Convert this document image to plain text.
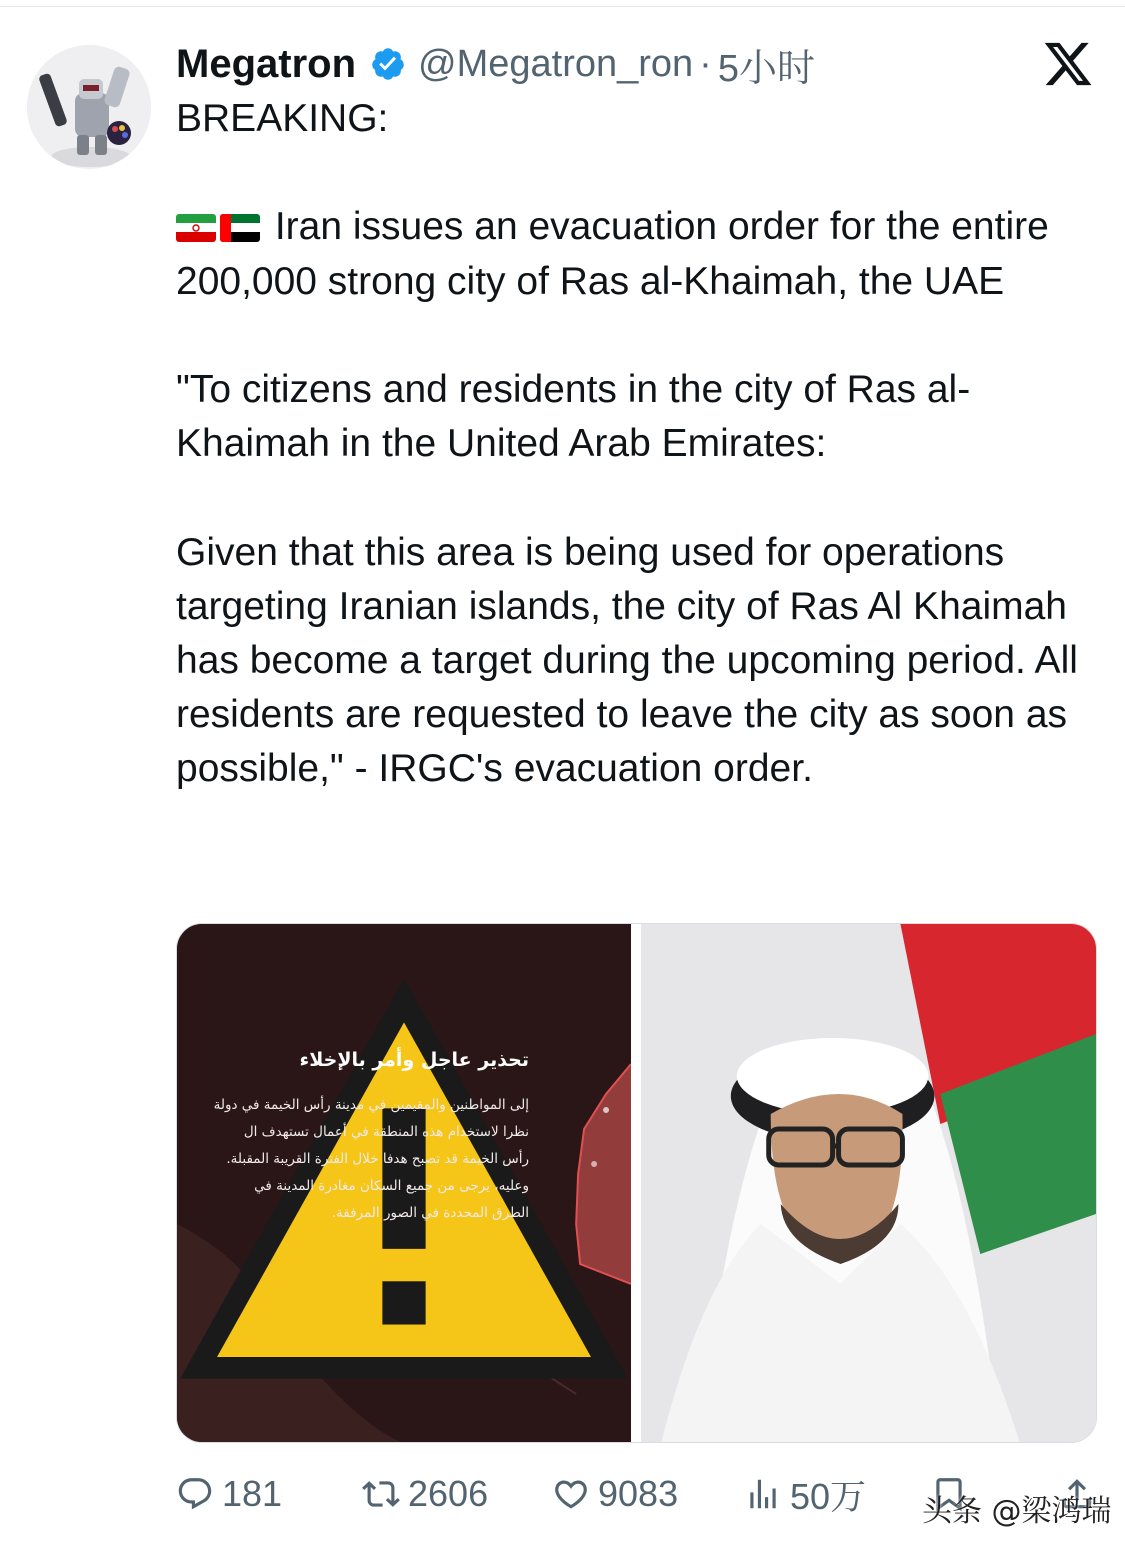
Megatron @Megatron_ron · 5小时

BREAKING:

Iran issues an evacuation order for the entire 200,000 strong city of Ras al-Khaimah, the UAE

"To citizens and residents in the city of Ras al-Khaimah in the United Arab Emirates:

Given that this area is being used for operations targeting Iranian islands, the city of Ras Al Khaimah has become a target during the upcoming period. All residents are requested to leave the city as soon as possible," - IRGC's evacuation order.

تحذير عاجل وأمر بالإخلاء
إلى المواطنين والمقيمين في مدينة رأس الخيمة في دولة
نظرا لاستخدام هذه المنطقة في أعمال تستهدف ال
رأس الخيمة قد تصبح هدفا خلال الفترة القريبة المقبلة.
وعليه، يرجى من جميع السكان مغادرة المدينة في
الطرق المحددة في الصور المرفقة.
181	2606	9083	50万 头条 @梁鸿瑞
